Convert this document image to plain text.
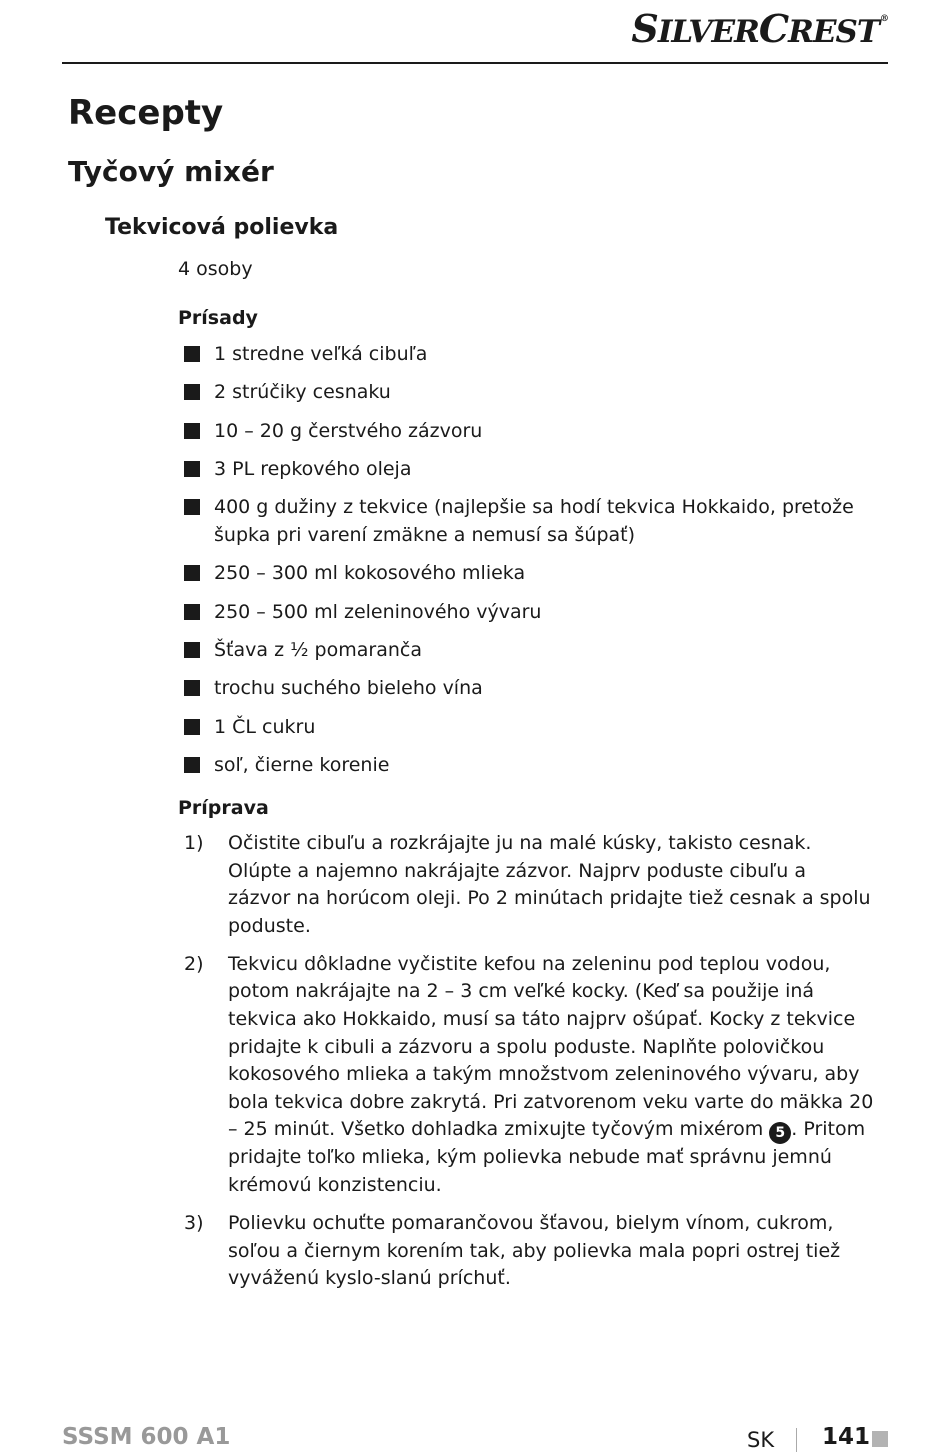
SILVERCREST®
Recepty
Tyčový mixér
Tekvicová polievka
4 osoby
Prísady
1 stredne veľká cibuľa
2 strúčiky cesnaku
10 – 20 g čerstvého zázvoru
3 PL repkového oleja
400 g dužiny z tekvice (najlepšie sa hodí tekvica Hokkaido, pretože šupka pri varení zmäkne a nemusí sa šúpať)
250 – 300 ml kokosového mlieka
250 – 500 ml zeleninového vývaru
Šťava z ½ pomaranča
trochu suchého bieleho vína
1 ČL cukru
soľ, čierne korenie
Príprava
1) Očistite cibuľu a rozkrájajte ju na malé kúsky, takisto cesnak. Olúpte a najemno nakrájajte zázvor. Najprv poduste cibuľu a zázvor na horúcom oleji. Po 2 minútach pridajte tiež cesnak a spolu poduste.
2) Tekvicu dôkladne vyčistite kefou na zeleninu pod teplou vodou, potom nakrájajte na 2 – 3 cm veľké kocky. (Keď sa použije iná tekvica ako Hokkaido, musí sa táto najprv ošúpať. Kocky z tekvice pridajte k cibuli a zázvoru a spolu poduste. Naplňte polovičkou kokosového mlieka a takým množstvom zeleninového vývaru, aby bola tekvica dobre zakrytá. Pri zatvorenom veku varte do mäkka 20 – 25 minút. Všetko dohladka zmixujte tyčovým mixérom 5 . Pritom pridajte toľko mlieka, kým polievka nebude mať správnu jemnú krémovú konzistenciu.
3) Polievku ochuťte pomarančovou šťavou, bielym vínom, cukrom, soľou a čiernym korením tak, aby polievka mala popri ostrej tiež vyváženú kyslo-slanú príchuť.
SSSM 600 A1	SK 141
